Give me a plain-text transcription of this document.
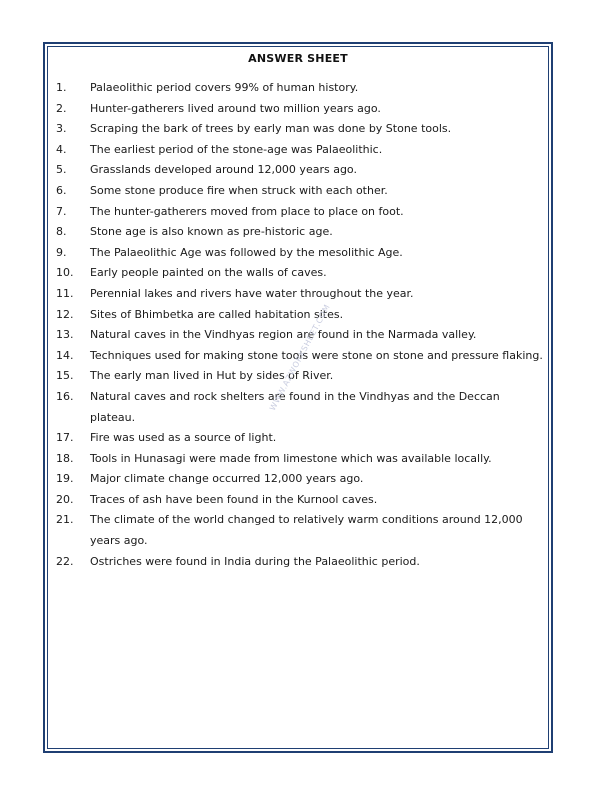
ANSWER SHEET
1.	Palaeolithic period covers 99% of human history.
2.	Hunter-gatherers lived around two million years ago.
3.	Scraping the bark of trees by early man was done by Stone tools.
4.	The earliest period of the stone-age was Palaeolithic.
5.	Grasslands developed around 12,000 years ago.
6.	Some stone produce fire when struck with each other.
7.	The hunter-gatherers moved from place to place on foot.
8.	Stone age is also known as pre-historic age.
9.	The Palaeolithic Age was followed by the mesolithic Age.
10.	Early people painted on the walls of caves.
11.	Perennial lakes and rivers have water throughout the year.
12.	Sites of Bhimbetka are called habitation sites.
13.	Natural caves in the Vindhyas region are found in the Narmada valley.
14.	Techniques used for making stone tools were stone on stone and pressure flaking.
15.	The early man lived in Hut by sides of River.
16.	Natural caves and rock shelters are found in the Vindhyas and the Deccan plateau.
17.	Fire was used as a source of light.
18.	Tools in Hunasagi were made from limestone which was available locally.
19.	Major climate change occurred 12,000 years ago.
20.	Traces of ash have been found in the Kurnool caves.
21.	The climate of the world changed to relatively warm conditions around 12,000 years ago.
22.	Ostriches were found in India during the Palaeolithic period.
WWW.AZWORKSHEET.COM
